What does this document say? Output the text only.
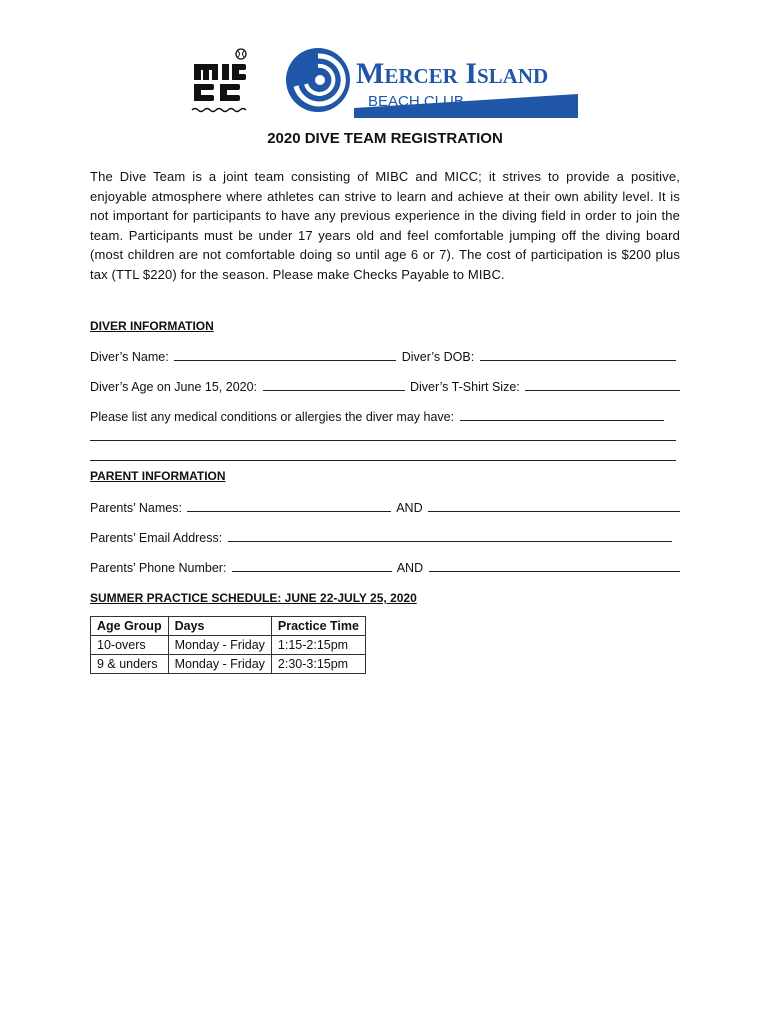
Mercer Island
BEACH CLUB
2020 DIVE TEAM REGISTRATION
The Dive Team is a joint team consisting of MIBC and MICC; it strives to provide a positive, enjoyable atmosphere where athletes can strive to learn and achieve at their own ability level. It is not important for participants to have any previous experience in the diving field in order to join the team. Participants must be under 17 years old and feel comfortable jumping off the diving board (most children are not comfortable doing so until age 6 or 7). The cost of participation is $200 plus tax (TTL $220) for the season. Please make Checks Payable to MIBC.
DIVER INFORMATION
Diver’s Name:	Diver’s DOB:
Diver’s Age on June 15, 2020:	Diver’s T-Shirt Size:
Please list any medical conditions or allergies the diver may have:
PARENT INFORMATION
Parents’ Names:	AND
Parents’ Email Address:
Parents’ Phone Number:	AND
SUMMER PRACTICE SCHEDULE: JUNE 22-JULY 25, 2020
Age Group	Days	Practice Time
10-overs	Monday - Friday	1:15-2:15pm
9 & unders	Monday - Friday	2:30-3:15pm
